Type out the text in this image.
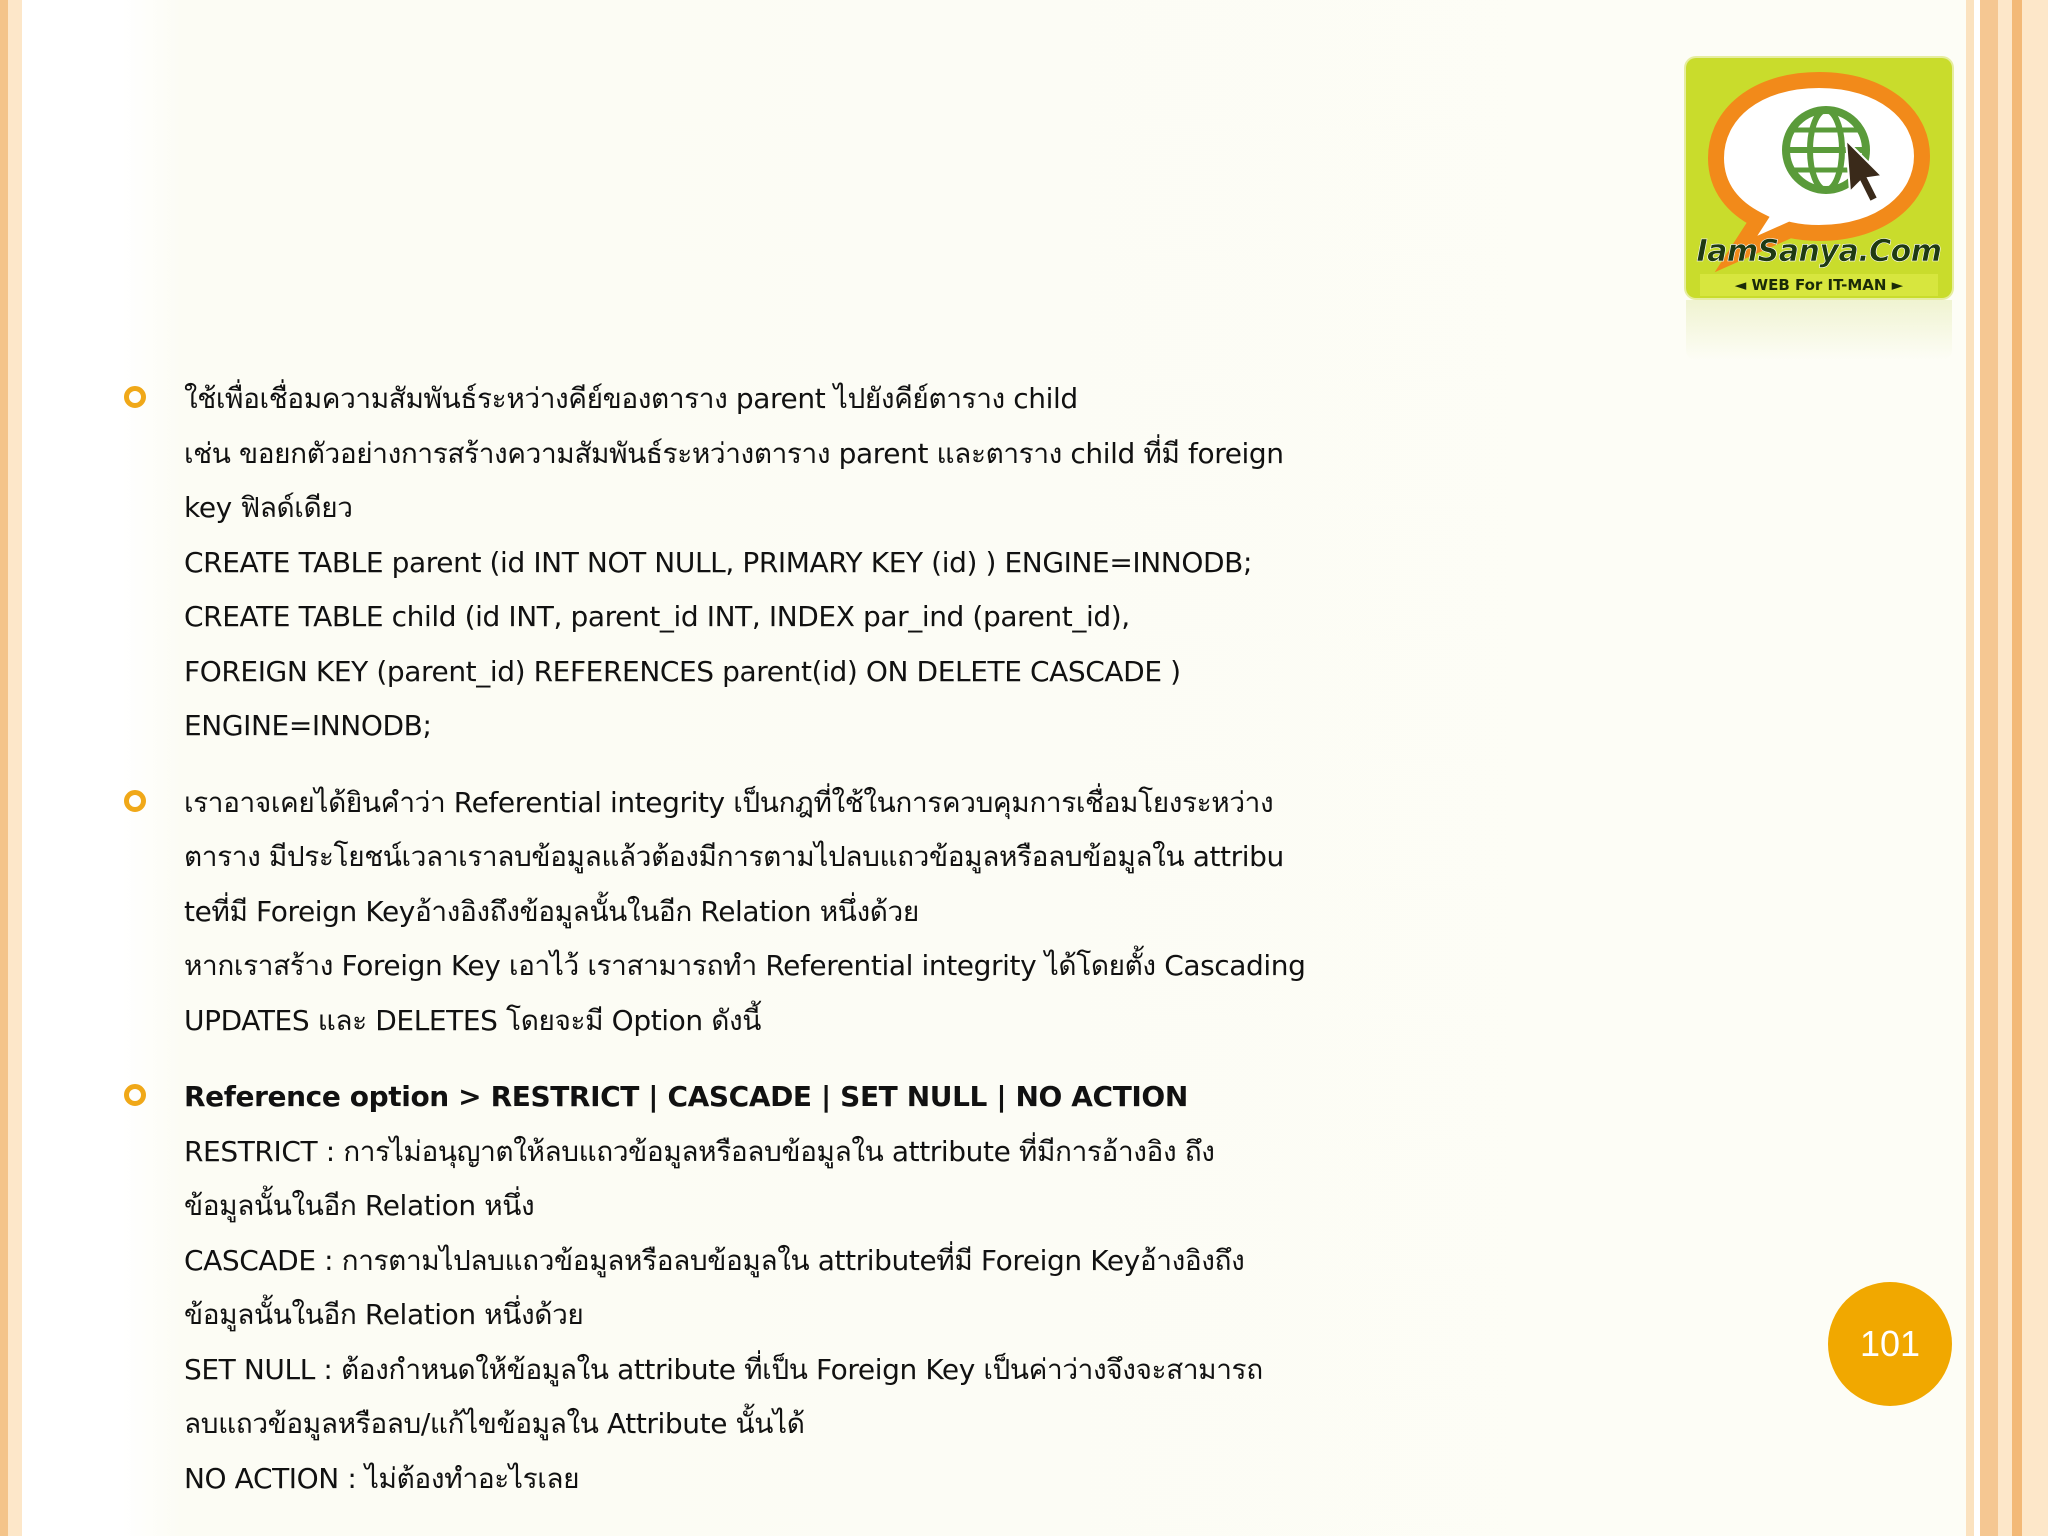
IamSanya.Com
◄ WEB For IT-MAN ►
ใช้เพื่อเชื่อมความสัมพันธ์ระหว่างคีย์ของตาราง parent ไปยังคีย์ตาราง child
เช่น ขอยกตัวอย่างการสร้างความสัมพันธ์ระหว่างตาราง parent และตาราง child ที่มี foreign
key ฟิลด์เดียว
CREATE TABLE parent (id INT NOT NULL, PRIMARY KEY (id) ) ENGINE=INNODB;
CREATE TABLE child (id INT, parent_id INT, INDEX par_ind (parent_id),
FOREIGN KEY (parent_id) REFERENCES parent(id) ON DELETE CASCADE )
ENGINE=INNODB;
เราอาจเคยได้ยินคำว่า Referential integrity เป็นกฎที่ใช้ในการควบคุมการเชื่อมโยงระหว่าง
ตาราง มีประโยชน์เวลาเราลบข้อมูลแล้วต้องมีการตามไปลบแถวข้อมูลหรือลบข้อมูลใน attribu
teที่มี Foreign Keyอ้างอิงถึงข้อมูลนั้นในอีก Relation หนึ่งด้วย
หากเราสร้าง Foreign Key เอาไว้ เราสามารถทำ Referential integrity ได้โดยตั้ง Cascading
UPDATES และ DELETES โดยจะมี Option ดังนี้
Reference option > RESTRICT | CASCADE | SET NULL | NO ACTION
RESTRICT : การไม่อนุญาตให้ลบแถวข้อมูลหรือลบข้อมูลใน attribute ที่มีการอ้างอิง ถึง
ข้อมูลนั้นในอีก Relation หนึ่ง
CASCADE : การตามไปลบแถวข้อมูลหรือลบข้อมูลใน attributeที่มี Foreign Keyอ้างอิงถึง
ข้อมูลนั้นในอีก Relation หนึ่งด้วย
SET NULL : ต้องกำหนดให้ข้อมูลใน attribute ที่เป็น Foreign Key เป็นค่าว่างจึงจะสามารถ
ลบแถวข้อมูลหรือลบ/แก้ไขข้อมูลใน Attribute นั้นได้
NO ACTION : ไม่ต้องทำอะไรเลย
101
